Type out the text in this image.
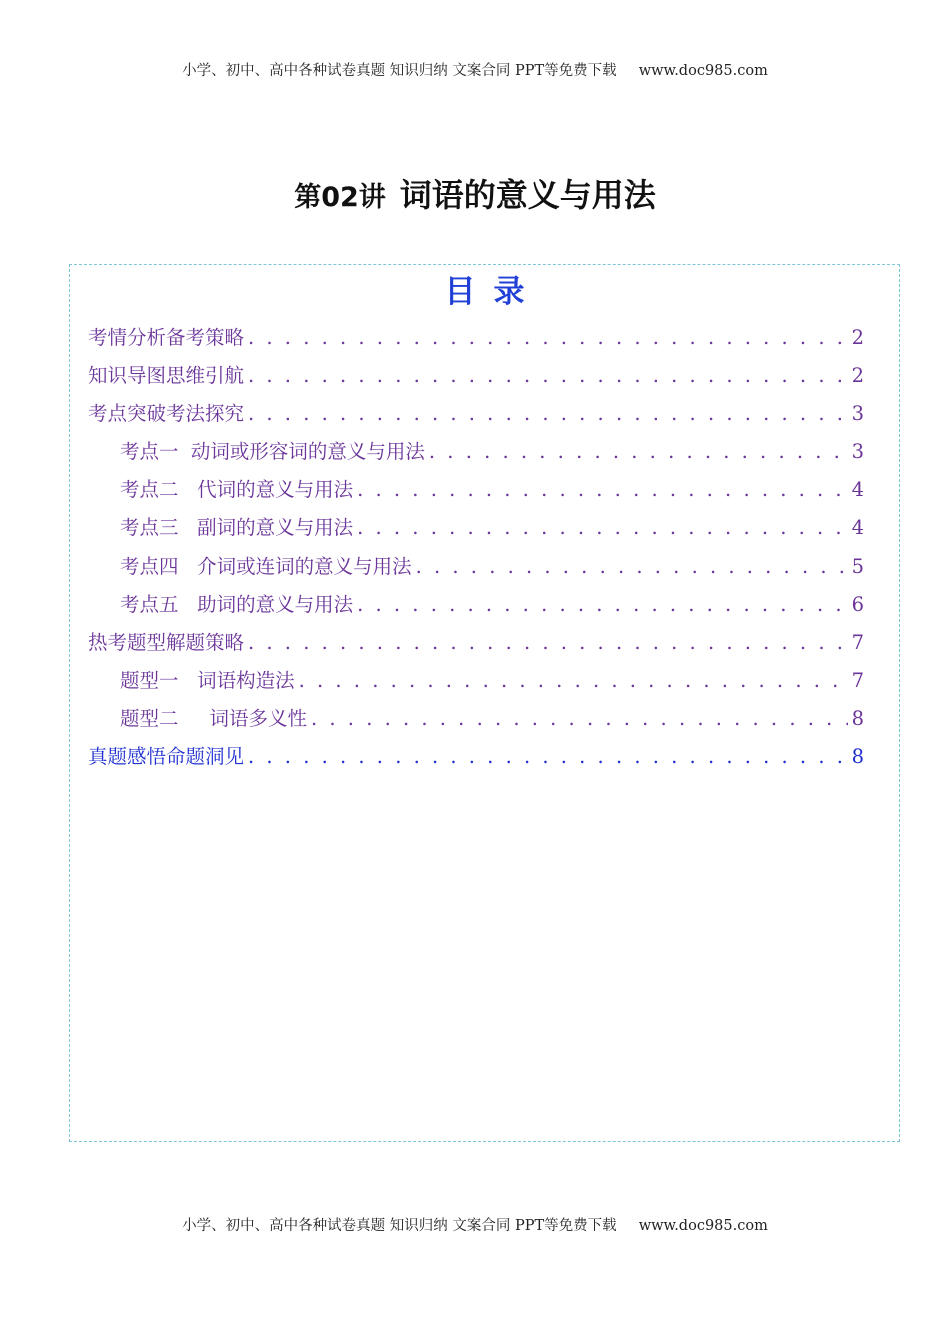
小学、初中、高中各种试卷真题 知识归纳 文案合同 PPT等免费下载 www.doc985.com
第02讲 词语的意义与用法
目录
考情分析备考策略 . . .	2
知识导图思维引航 . . .	2
考点突破考法探究 . . .	3
考点一  动词或形容词的意义与用法 . . .	3
考点二   代词的意义与用法 . . .	4
考点三   副词的意义与用法 . . .	4
考点四   介词或连词的意义与用法 . . .	5
考点五   助词的意义与用法 . . .	6
热考题型解题策略 . . .	7
题型一   词语构造法 . . .	7
题型二     词语多义性 . . .	8
真题感悟命题洞见 . . .	8
小学、初中、高中各种试卷真题 知识归纳 文案合同 PPT等免费下载 www.doc985.com
